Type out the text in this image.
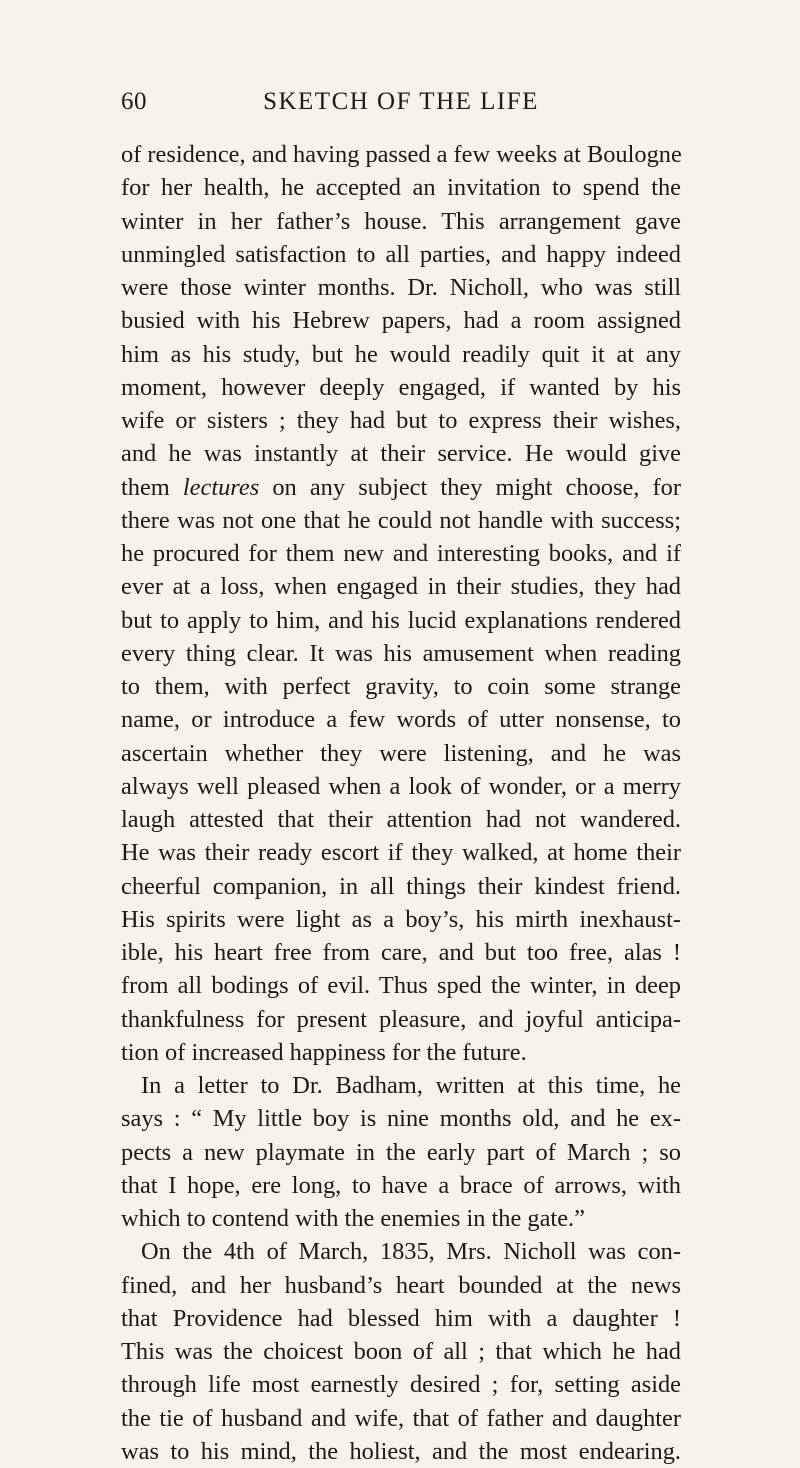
60	SKETCH OF THE LIFE
of residence, and having passed a few weeks at Boulogne
for her health, he accepted an invitation to spend the
winter in her father’s house. This arrangement gave
unmingled satisfaction to all parties, and happy indeed
were those winter months. Dr. Nicholl, who was still
busied with his Hebrew papers, had a room assigned
him as his study, but he would readily quit it at any
moment, however deeply engaged, if wanted by his
wife or sisters ; they had but to express their wishes,
and he was instantly at their service. He would give
them lectures on any subject they might choose, for
there was not one that he could not handle with success;
he procured for them new and interesting books, and if
ever at a loss, when engaged in their studies, they had
but to apply to him, and his lucid explanations rendered
every thing clear. It was his amusement when reading
to them, with perfect gravity, to coin some strange
name, or introduce a few words of utter nonsense, to
ascertain whether they were listening, and he was
always well pleased when a look of wonder, or a merry
laugh attested that their attention had not wandered.
He was their ready escort if they walked, at home their
cheerful companion, in all things their kindest friend.
His spirits were light as a boy’s, his mirth inexhaust-
ible, his heart free from care, and but too free, alas !
from all bodings of evil. Thus sped the winter, in deep
thankfulness for present pleasure, and joyful anticipa-
tion of increased happiness for the future.
In a letter to Dr. Badham, written at this time, he
says : “ My little boy is nine months old, and he ex-
pects a new playmate in the early part of March ; so
that I hope, ere long, to have a brace of arrows, with
which to contend with the enemies in the gate.”
On the 4th of March, 1835, Mrs. Nicholl was con-
fined, and her husband’s heart bounded at the news
that Providence had blessed him with a daughter !
This was the choicest boon of all ; that which he had
through life most earnestly desired ; for, setting aside
the tie of husband and wife, that of father and daughter
was to his mind, the holiest, and the most endearing.
